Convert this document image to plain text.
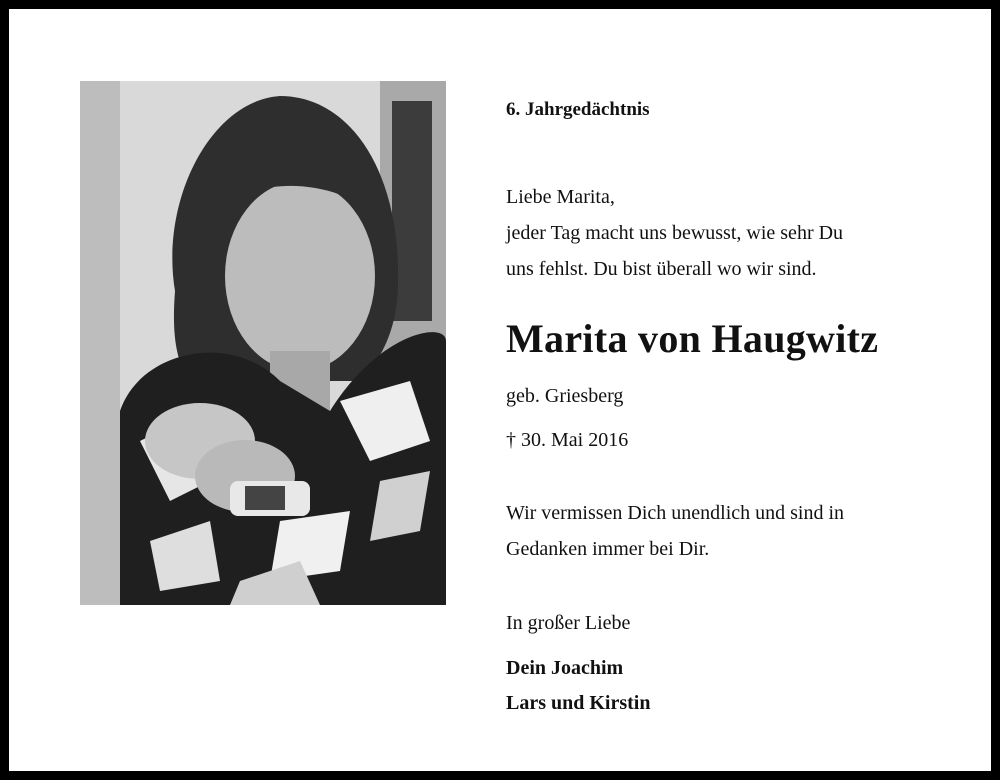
6. Jahrgedächtnis

Liebe Marita,
jeder Tag macht uns bewusst, wie sehr Du
uns fehlst. Du bist überall wo wir sind.

Marita von Haugwitz

geb. Griesberg

† 30. Mai 2016

Wir vermissen Dich unendlich und sind in
Gedanken immer bei Dir.

In großer Liebe

Dein Joachim

Lars und Kirstin
